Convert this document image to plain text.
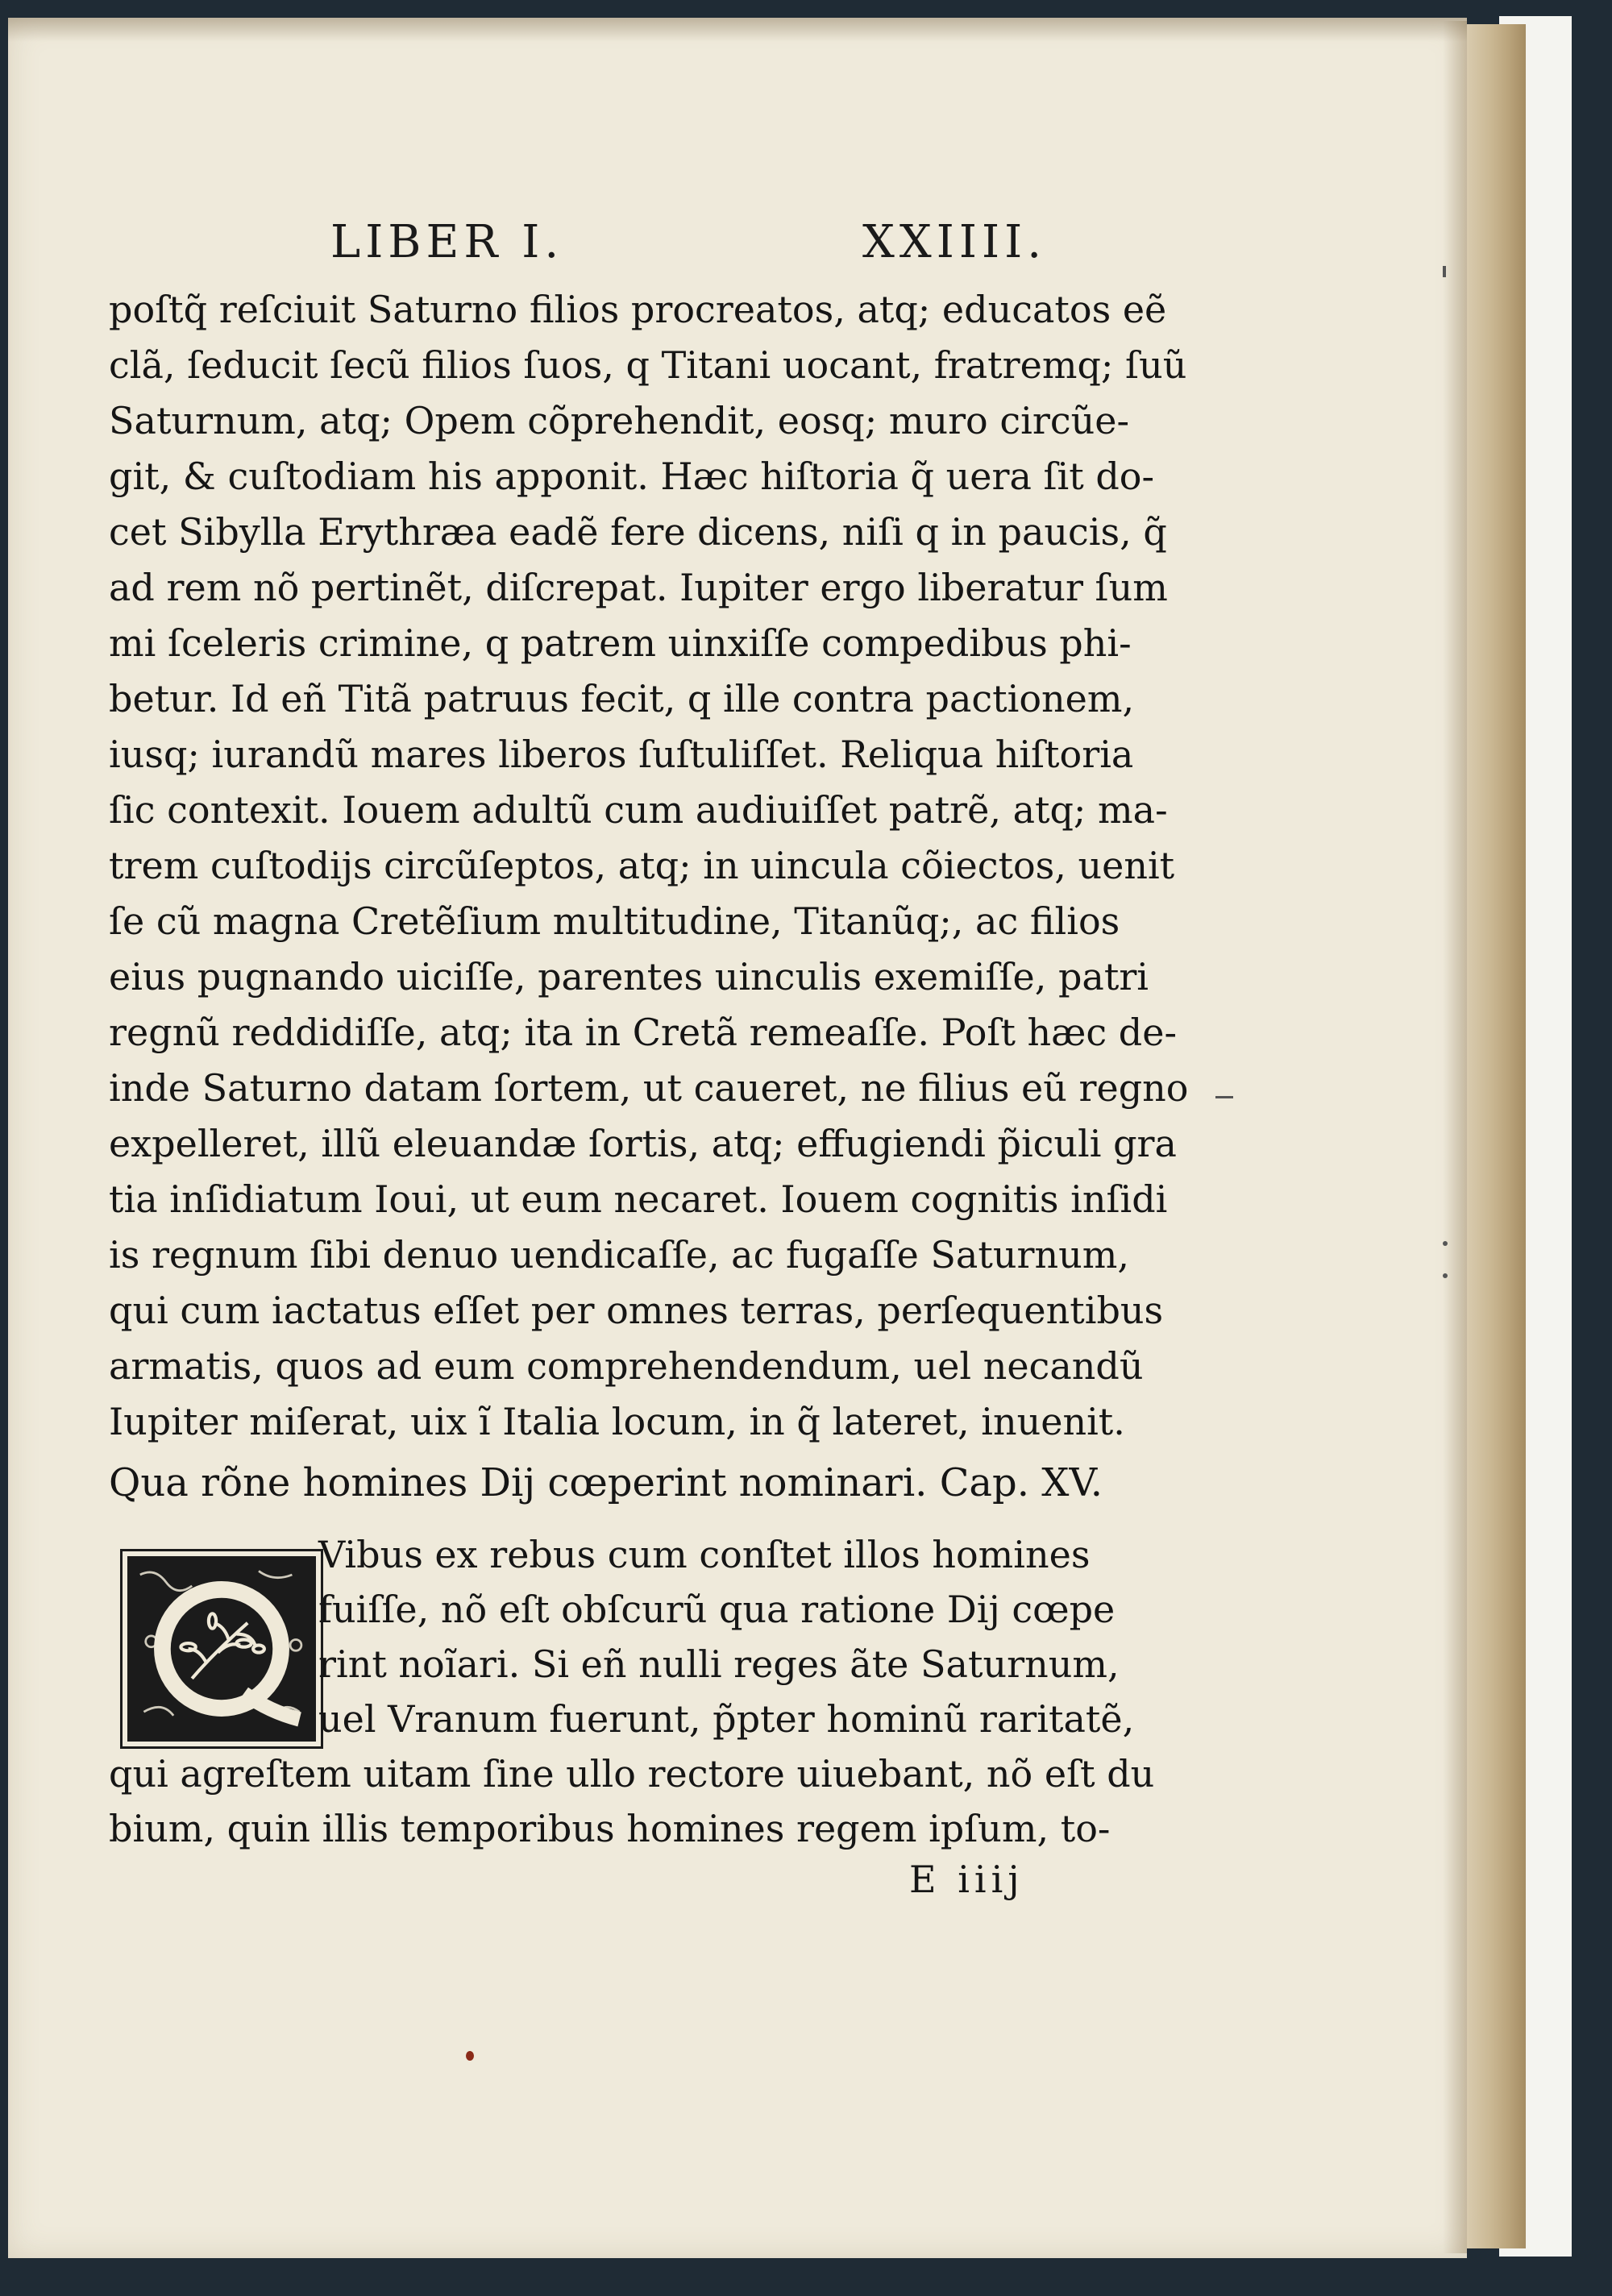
LIBER I.	XXIIII.
poſtq̃ reſciuit Saturno filios procreatos, atq; educatos eẽ
clã, ſeducit ſecũ filios ſuos, q Titani uocant, fratremq; ſuũ
Saturnum, atq; Opem cõprehendit, eosq; muro circũe-
git, & cuſtodiam his apponit. Hæc hiſtoria q̃ uera ſit do-
cet Sibylla Erythræa eadẽ fere dicens, niſi q in paucis, q̃
ad rem nõ pertinẽt, diſcrepat. Iupiter ergo liberatur ſum
mi ſceleris crimine, q patrem uinxiſſe compedibus phi-
betur. Id eñ Titã patruus fecit, q ille contra pactionem,
iusq; iurandũ mares liberos ſuſtuliſſet. Reliqua hiſtoria
ſic contexit. Iouem adultũ cum audiuiſſet patrẽ, atq; ma-
trem cuſtodijs circũſeptos, atq; in uincula cõiectos, uenit
ſe cũ magna Cretẽſium multitudine, Titanũq;, ac filios
eius pugnando uiciſſe, parentes uinculis exemiſſe, patri
regnũ reddidiſſe, atq; ita in Cretã remeaſſe. Poſt hæc de-
inde Saturno datam ſortem, ut caueret, ne filius eũ regno
expelleret, illũ eleuandæ ſortis, atq; effugiendi p̃iculi gra
tia inſidiatum Ioui, ut eum necaret. Iouem cognitis inſidi
is regnum ſibi denuo uendicaſſe, ac fugaſſe Saturnum,
qui cum iactatus eſſet per omnes terras, perſequentibus
armatis, quos ad eum comprehendendum, uel necandũ
Iupiter miſerat, uix ĩ Italia locum, in q̃ lateret, inuenit.
Qua rõne homines Dij cœperint nominari. Cap. XV.
Vibus ex rebus cum conſtet illos homines
fuiſſe, nõ eſt obſcurũ qua ratione Dij cœpe
rint noĩari. Si eñ nulli reges ãte Saturnum,
uel Vranum fuerunt, p̃pter hominũ raritatẽ,
qui agreſtem uitam ſine ullo rectore uiuebant, nõ eſt du
bium, quin illis temporibus homines regem ipſum, to-
E iiij
